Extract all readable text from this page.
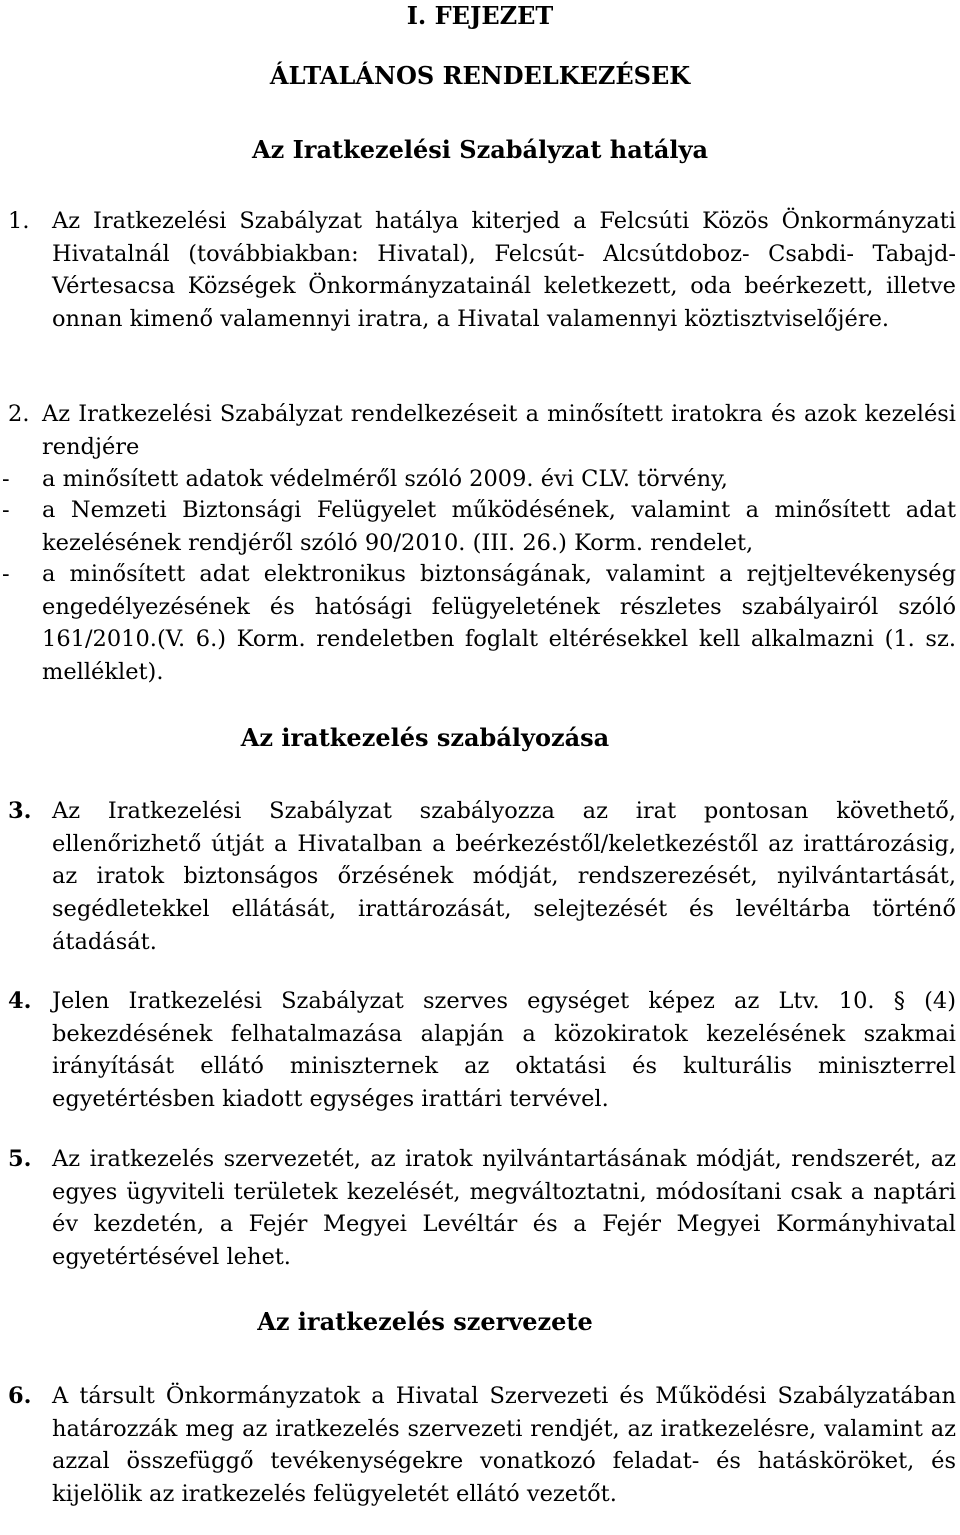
I. FEJEZET
ÁLTALÁNOS RENDELKEZÉSEK
Az Iratkezelési Szabályzat hatálya
1. Az Iratkezelési Szabályzat hatálya kiterjed a Felcsúti Közös Önkormányzati Hivatalnál (továbbiakban: Hivatal), Felcsút- Alcsútdoboz- Csabdi- Tabajd- Vértesacsa Községek Önkormányzatainál keletkezett, oda beérkezett, illetve onnan kimenő valamennyi iratra, a Hivatal valamennyi köztisztviselőjére.

2. Az Iratkezelési Szabályzat rendelkezéseit a minősített iratokra és azok kezelési rendjére

- a minősített adatok védelméről szóló 2009. évi CLV. törvény,

- a Nemzeti Biztonsági Felügyelet működésének, valamint a minősített adat kezelésének rendjéről szóló 90/2010. (III. 26.) Korm. rendelet,

- a minősített adat elektronikus biztonságának, valamint a rejtjeltevékenység engedélyezésének és hatósági felügyeletének részletes szabályairól szóló 161/2010.(V. 6.) Korm. rendeletben foglalt eltérésekkel kell alkalmazni (1. sz. melléklet).

Az iratkezelés szabályozása
3. Az Iratkezelési Szabályzat szabályozza az irat pontosan követhető, ellenőrizhető útját a Hivatalban a beérkezéstől/keletkezéstől az irattározásig, az iratok biztonságos őrzésének módját, rendszerezését, nyilvántartását, segédletekkel ellátását, irattározását, selejtezését és levéltárba történő átadását.

4. Jelen Iratkezelési Szabályzat szerves egységet képez az Ltv. 10. § (4) bekezdésének felhatalmazása alapján a közokiratok kezelésének szakmai irányítását ellátó miniszternek az oktatási és kulturális miniszterrel egyetértésben kiadott egységes irattári tervével.

5. Az iratkezelés szervezetét, az iratok nyilvántartásának módját, rendszerét, az egyes ügyviteli területek kezelését, megváltoztatni, módosítani csak a naptári év kezdetén, a Fejér Megyei Levéltár és a Fejér Megyei Kormányhivatal egyetértésével lehet.

Az iratkezelés szervezete
6. A társult Önkormányzatok a Hivatal Szervezeti és Működési Szabályzatában határozzák meg az iratkezelés szervezeti rendjét, az iratkezelésre, valamint az azzal összefüggő tevékenységekre vonatkozó feladat- és hatásköröket, és kijelölik az iratkezelés felügyeletét ellátó vezetőt.
